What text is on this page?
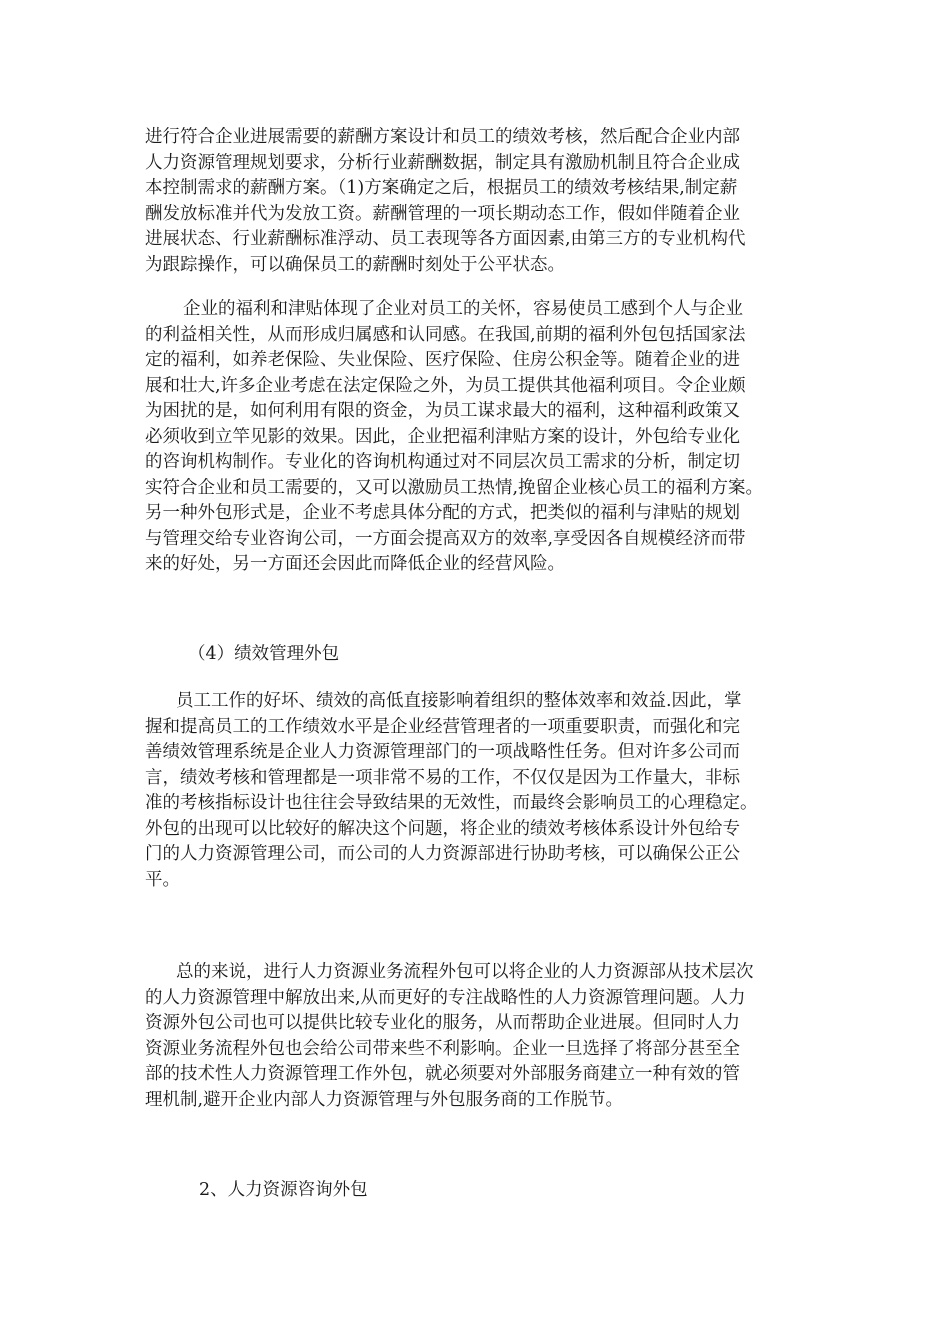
进行符合企业进展需要的薪酬方案设计和员工的绩效考核，然后配合企业内部
人力资源管理规划要求，分析行业薪酬数据，制定具有激励机制且符合企业成
本控制需求的薪酬方案。（1)方案确定之后，根据员工的绩效考核结果,制定薪
酬发放标准并代为发放工资。薪酬管理的一项长期动态工作，假如伴随着企业
进展状态、行业薪酬标准浮动、员工表现等各方面因素,由第三方的专业机构代
为跟踪操作，可以确保员工的薪酬时刻处于公平状态。
企业的福利和津贴体现了企业对员工的关怀，容易使员工感到个人与企业
的利益相关性，从而形成归属感和认同感。在我国,前期的福利外包包括国家法
定的福利，如养老保险、失业保险、医疗保险、住房公积金等。随着企业的进
展和壮大,许多企业考虑在法定保险之外，为员工提供其他福利项目。令企业颇
为困扰的是，如何利用有限的资金，为员工谋求最大的福利，这种福利政策又
必须收到立竿见影的效果。因此，企业把福利津贴方案的设计，外包给专业化
的咨询机构制作。专业化的咨询机构通过对不同层次员工需求的分析，制定切
实符合企业和员工需要的，又可以激励员工热情,挽留企业核心员工的福利方案。
另一种外包形式是，企业不考虑具体分配的方式，把类似的福利与津贴的规划
与管理交给专业咨询公司，一方面会提高双方的效率,享受因各自规模经济而带
来的好处，另一方面还会因此而降低企业的经营风险。
（4）绩效管理外包
员工工作的好坏、绩效的高低直接影响着组织的整体效率和效益.因此，掌
握和提高员工的工作绩效水平是企业经营管理者的一项重要职责，而强化和完
善绩效管理系统是企业人力资源管理部门的一项战略性任务。但对许多公司而
言，绩效考核和管理都是一项非常不易的工作，不仅仅是因为工作量大，非标
准的考核指标设计也往往会导致结果的无效性，而最终会影响员工的心理稳定。
外包的出现可以比较好的解决这个问题，将企业的绩效考核体系设计外包给专
门的人力资源管理公司，而公司的人力资源部进行协助考核，可以确保公正公
平。
总的来说，进行人力资源业务流程外包可以将企业的人力资源部从技术层次
的人力资源管理中解放出来,从而更好的专注战略性的人力资源管理问题。人力
资源外包公司也可以提供比较专业化的服务，从而帮助企业进展。但同时人力
资源业务流程外包也会给公司带来些不利影响。企业一旦选择了将部分甚至全
部的技术性人力资源管理工作外包，就必须要对外部服务商建立一种有效的管
理机制,避开企业内部人力资源管理与外包服务商的工作脱节。
2、人力资源咨询外包
